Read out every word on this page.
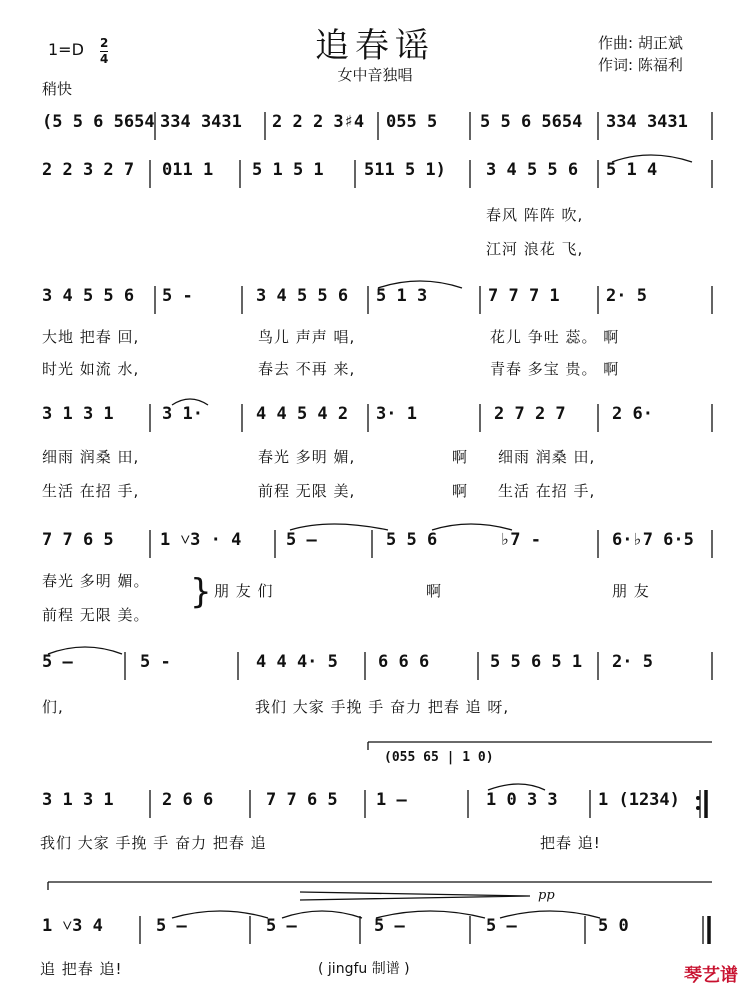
追春谣
女中音独唱
作曲: 胡正斌
作词: 陈福利
1=D 2
4
稍快
(5 5 6 5654 334 3431 2 2 2 3♯4 055 5	5 5 6 5654 334 3431
2 2 3 2 7 011 1 5 1 5 1 511 5 1) 3 4 5 5 6 5 1 4
3 4 5 5 6 5 -	3 4 5 5 6 5 1 3	7 7 7 1	2· 5
3 1 3 1	3 1·	4 4 5 4 2 3· 1	2 7 2 7	2 6·
7 7 6 5	1 ˅3 · 4	5 –	5 5 6	♭7 -	6·♭7 6·5
5 –	5 -	4 4 4· 5 6 6 6	5 5 6 5 1 2· 5
3 1 3 1	2 6 6	7 7 6 5 1 –	1 0 3 3 1 (1234)
1 ˅3 4	5 –	5 –	5 –	5 –	5 0
春风 阵阵 吹,
江河 浪花 飞,
大地 把春 回,	鸟儿 声声 唱,	花儿 争吐 蕊。 啊
时光 如流 水,	春去 不再 来,	青春 多宝 贵。 啊
细雨 润桑 田,	春光 多明 媚,	啊 细雨 润桑 田,
生活 在招 手,	前程 无限 美,	啊 生活 在招 手,
春光 多明 媚。
前程 无限 美。
} 朋 友 们	啊	朋 友
们,	我们 大家 手挽 手 奋力 把春 追 呀,
(055 65 | 1 0)
我们 大家 手挽 手 奋力 把春 追	把春 追!
pp
追 把春 追!	( jingfu 制谱 )	琴艺谱
